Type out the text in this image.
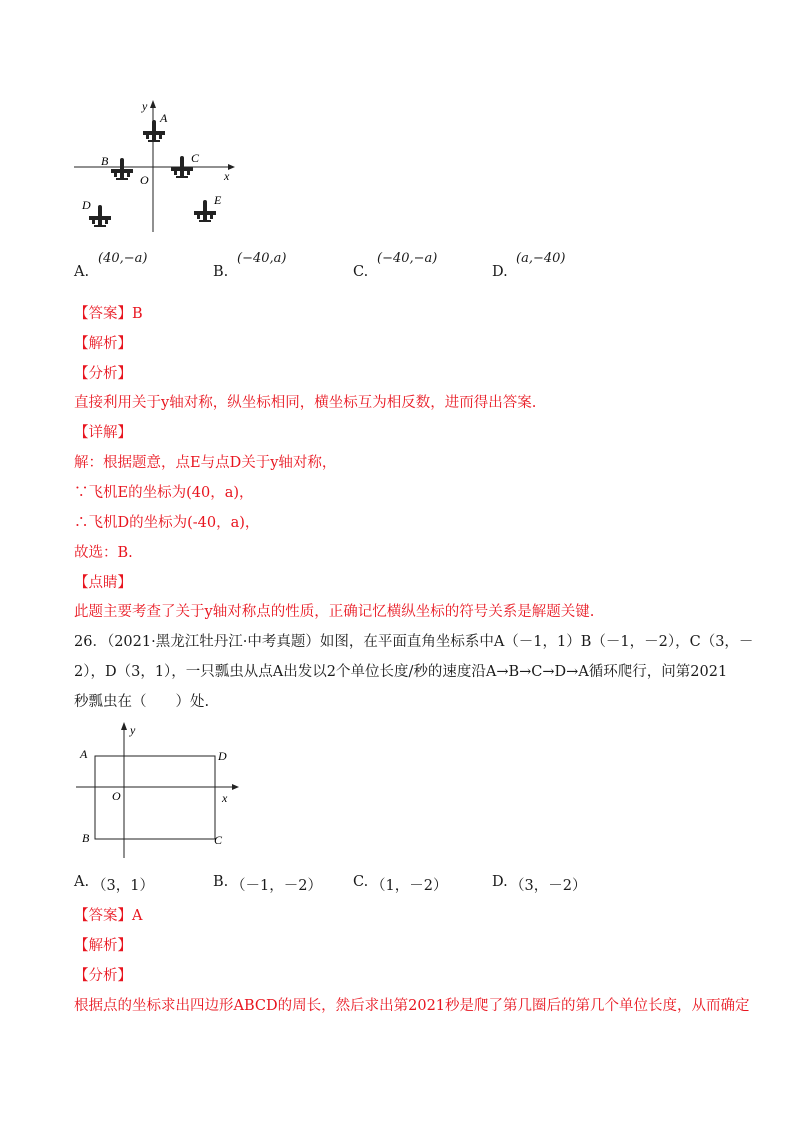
y
x
O
A
B	C
D	E
A.
(40,−a)
B.
(−40,a)
C.
(−40,−a)
D.
(a,−40)
【答案】B
【解析】
【分析】
直接利用关于y轴对称，纵坐标相同，横坐标互为相反数，进而得出答案.
【详解】
解：根据题意，点E与点D关于y轴对称，
∵飞机E的坐标为(40，a)，
∴飞机D的坐标为(-40，a)，
故选：B.
【点睛】
此题主要考查了关于y轴对称点的性质，正确记忆横纵坐标的符号关系是解题关键.
26．（2021·黑龙江牡丹江·中考真题）如图，在平面直角坐标系中A（－1，1）B（－1，－2），C（3，－
2），D（3，1），一只瓢虫从点A出发以2个单位长度/秒的速度沿A→B→C→D→A循环爬行，问第2021
秒瓢虫在（　　）处.
y
x
O
A	D
B	C
A. （3，1）	B. （－1，－2） C. （1，－2）	D. （3，－2）
【答案】A
【解析】
【分析】
根据点的坐标求出四边形ABCD的周长，然后求出第2021秒是爬了第几圈后的第几个单位长度，从而确定
